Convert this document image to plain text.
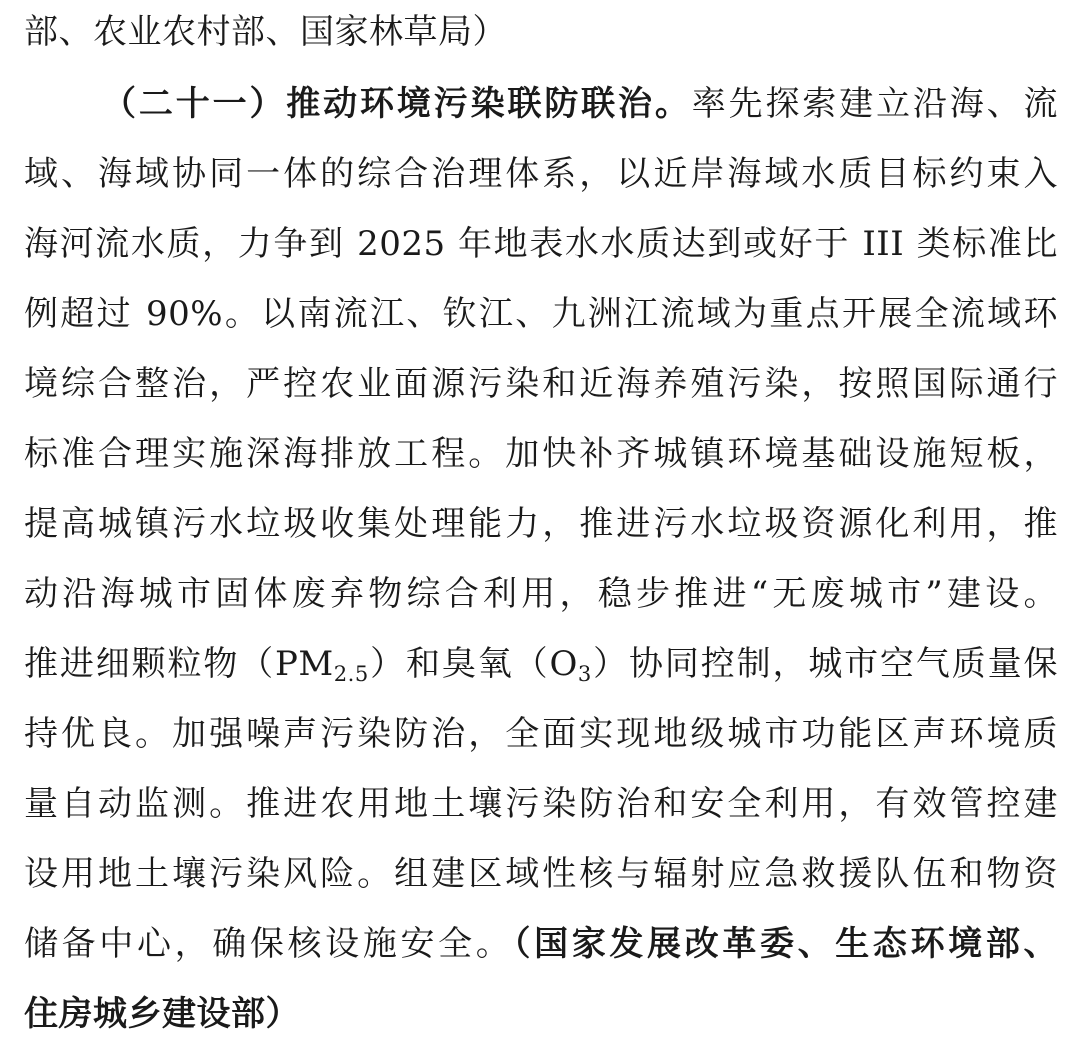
部、农业农村部、国家林草局）
（二十一）推动环境污染联防联治。率先探索建立沿海、流
域、海域协同一体的综合治理体系，以近岸海域水质目标约束入
海河流水质，力争到 2025 年地表水水质达到或好于 III 类标准比
例超过 90%。以南流江、钦江、九洲江流域为重点开展全流域环
境综合整治，严控农业面源污染和近海养殖污染，按照国际通行
标准合理实施深海排放工程。加快补齐城镇环境基础设施短板，
提高城镇污水垃圾收集处理能力，推进污水垃圾资源化利用，推
动沿海城市固体废弃物综合利用，稳步推进“无废城市”建设。
推进细颗粒物$(PM_{2.5})$和臭氧$(O_3)$协同控制，城市空气质量保
持优良。加强噪声污染防治，全面实现地级城市功能区声环境质
量自动监测。推进农用地土壤污染防治和安全利用，有效管控建
设用地土壤污染风险。组建区域性核与辐射应急救援队伍和物资
储备中心，确保核设施安全。（国家发展改革委、生态环境部、
住房城乡建设部）
